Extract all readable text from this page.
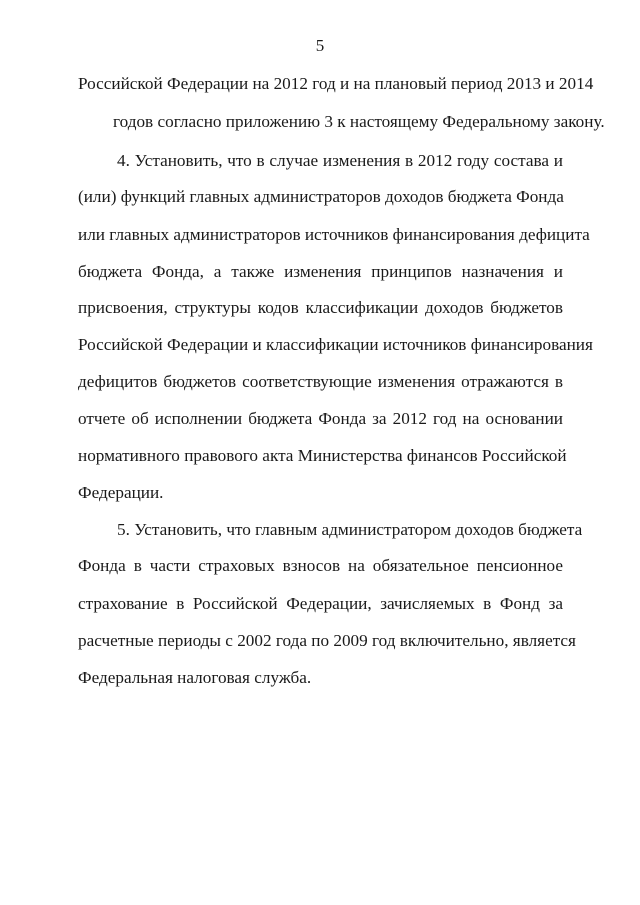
5
Российской Федерации на 2012 год и на плановый период 2013 и 2014
годов согласно приложению 3 к настоящему Федеральному закону.
4. Установить, что в случае изменения в 2012 году состава и
(или) функций главных администраторов доходов бюджета Фонда
или главных администраторов источников финансирования дефицита
бюджета Фонда, а также изменения принципов назначения и
присвоения, структуры кодов классификации доходов бюджетов
Российской Федерации и классификации источников финансирования
дефицитов бюджетов соответствующие изменения отражаются в
отчете об исполнении бюджета Фонда за 2012 год на основании
нормативного правового акта Министерства финансов Российской
Федерации.
5. Установить, что главным администратором доходов бюджета
Фонда в части страховых взносов на обязательное пенсионное
страхование в Российской Федерации, зачисляемых в Фонд за
расчетные периоды с 2002 года по 2009 год включительно, является
Федеральная налоговая служба.
